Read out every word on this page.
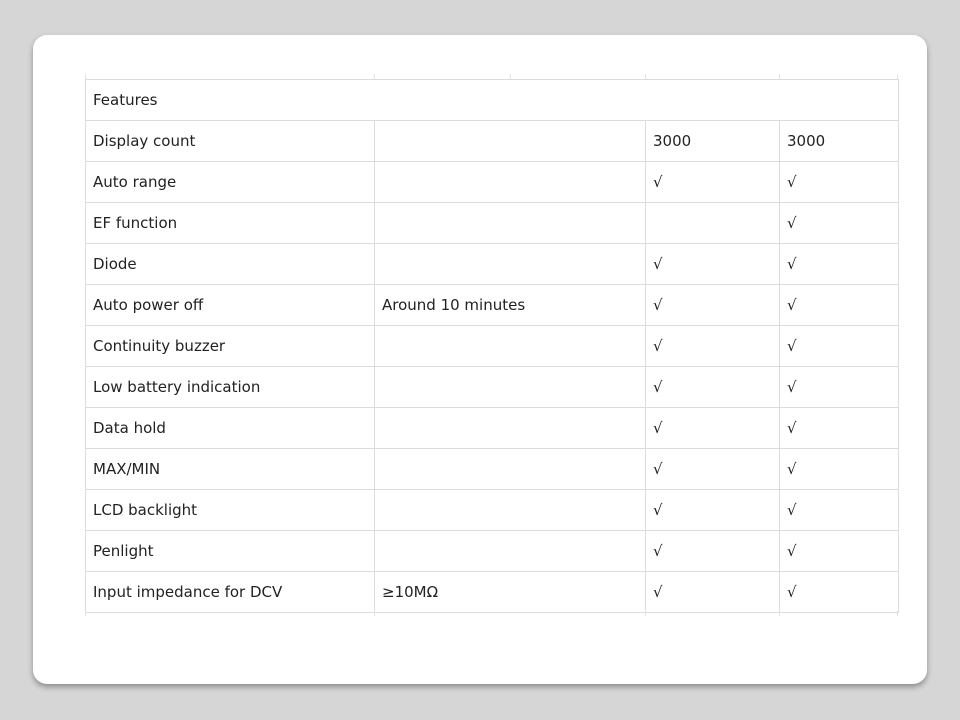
Features			
Display count		3000	3000
Auto range		√	√
EF function			√
Diode		√	√
Auto power off	Around 10 minutes	√	√
Continuity buzzer		√	√
Low battery indication		√	√
Data hold		√	√
MAX/MIN		√	√
LCD backlight		√	√
Penlight		√	√
Input impedance for DCV	≥10MΩ	√	√
